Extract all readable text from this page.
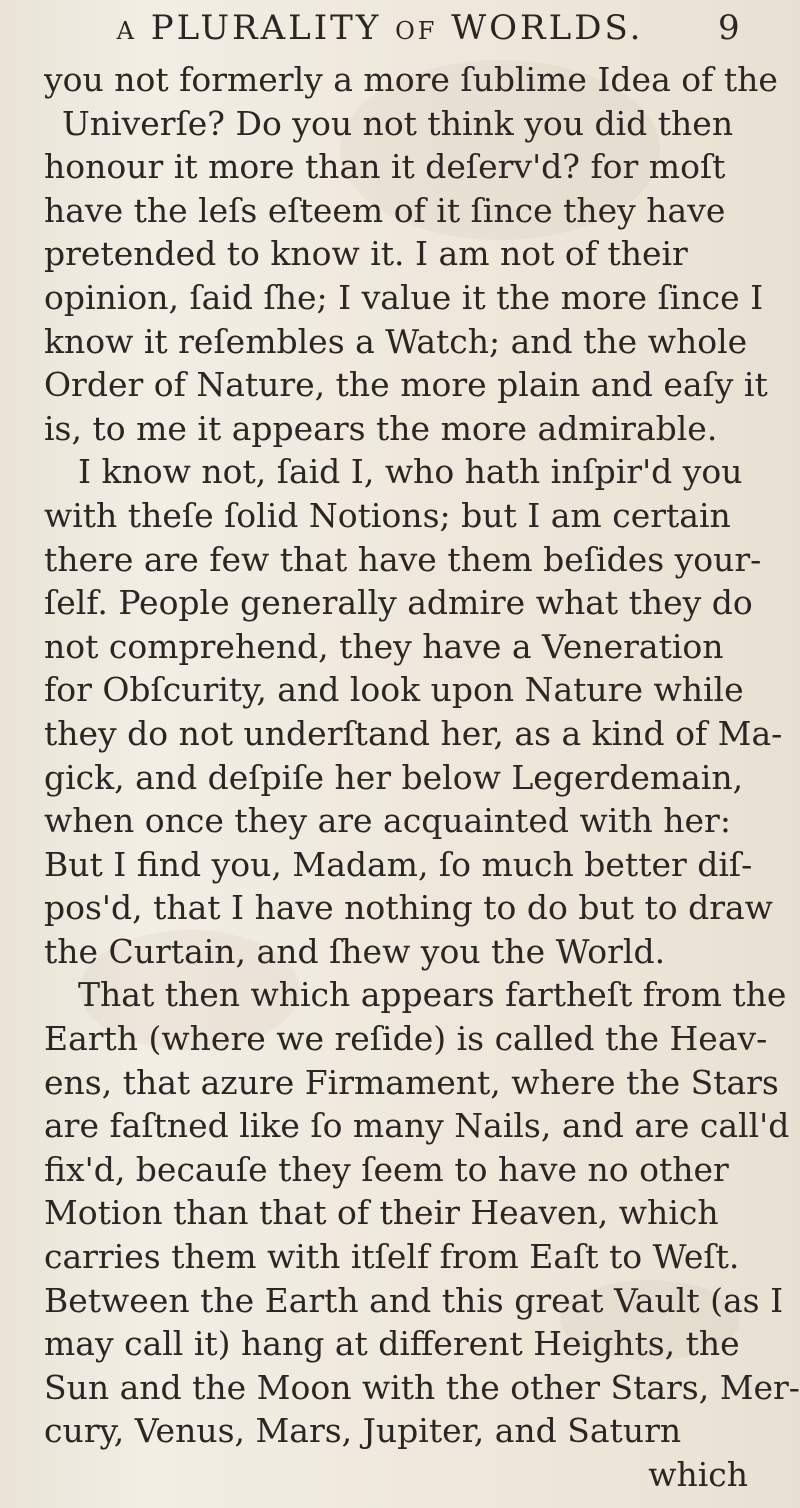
a PLURALITY of WORLDS.	9
you not formerly a more ſublime Idea of the
Univerſe? Do you not think you did then
honour it more than it deſerv'd? for moſt
have the leſs eſteem of it ſince they have
pretended to know it. I am not of their
opinion, ſaid ſhe; I value it the more ſince I
know it reſembles a Watch; and the whole
Order of Nature, the more plain and eaſy it
is, to me it appears the more admirable.
I know not, ſaid I, who hath inſpir'd you
with theſe ſolid Notions; but I am certain
there are few that have them beſides your-
ſelf. People generally admire what they do
not comprehend, they have a Veneration
for Obſcurity, and look upon Nature while
they do not underſtand her, as a kind of Ma-
gick, and deſpiſe her below Legerdemain,
when once they are acquainted with her:
But I find you, Madam, ſo much better diſ-
pos'd, that I have nothing to do but to draw
the Curtain, and ſhew you the World.
That then which appears fartheſt from the
Earth (where we reſide) is called the Heav-
ens, that azure Firmament, where the Stars
are faſtned like ſo many Nails, and are call'd
fix'd, becauſe they ſeem to have no other
Motion than that of their Heaven, which
carries them with itſelf from Eaſt to Weſt.
Between the Earth and this great Vault (as I
may call it) hang at different Heights, the
Sun and the Moon with the other Stars, Mer-
cury, Venus, Mars, Jupiter, and Saturn
which
